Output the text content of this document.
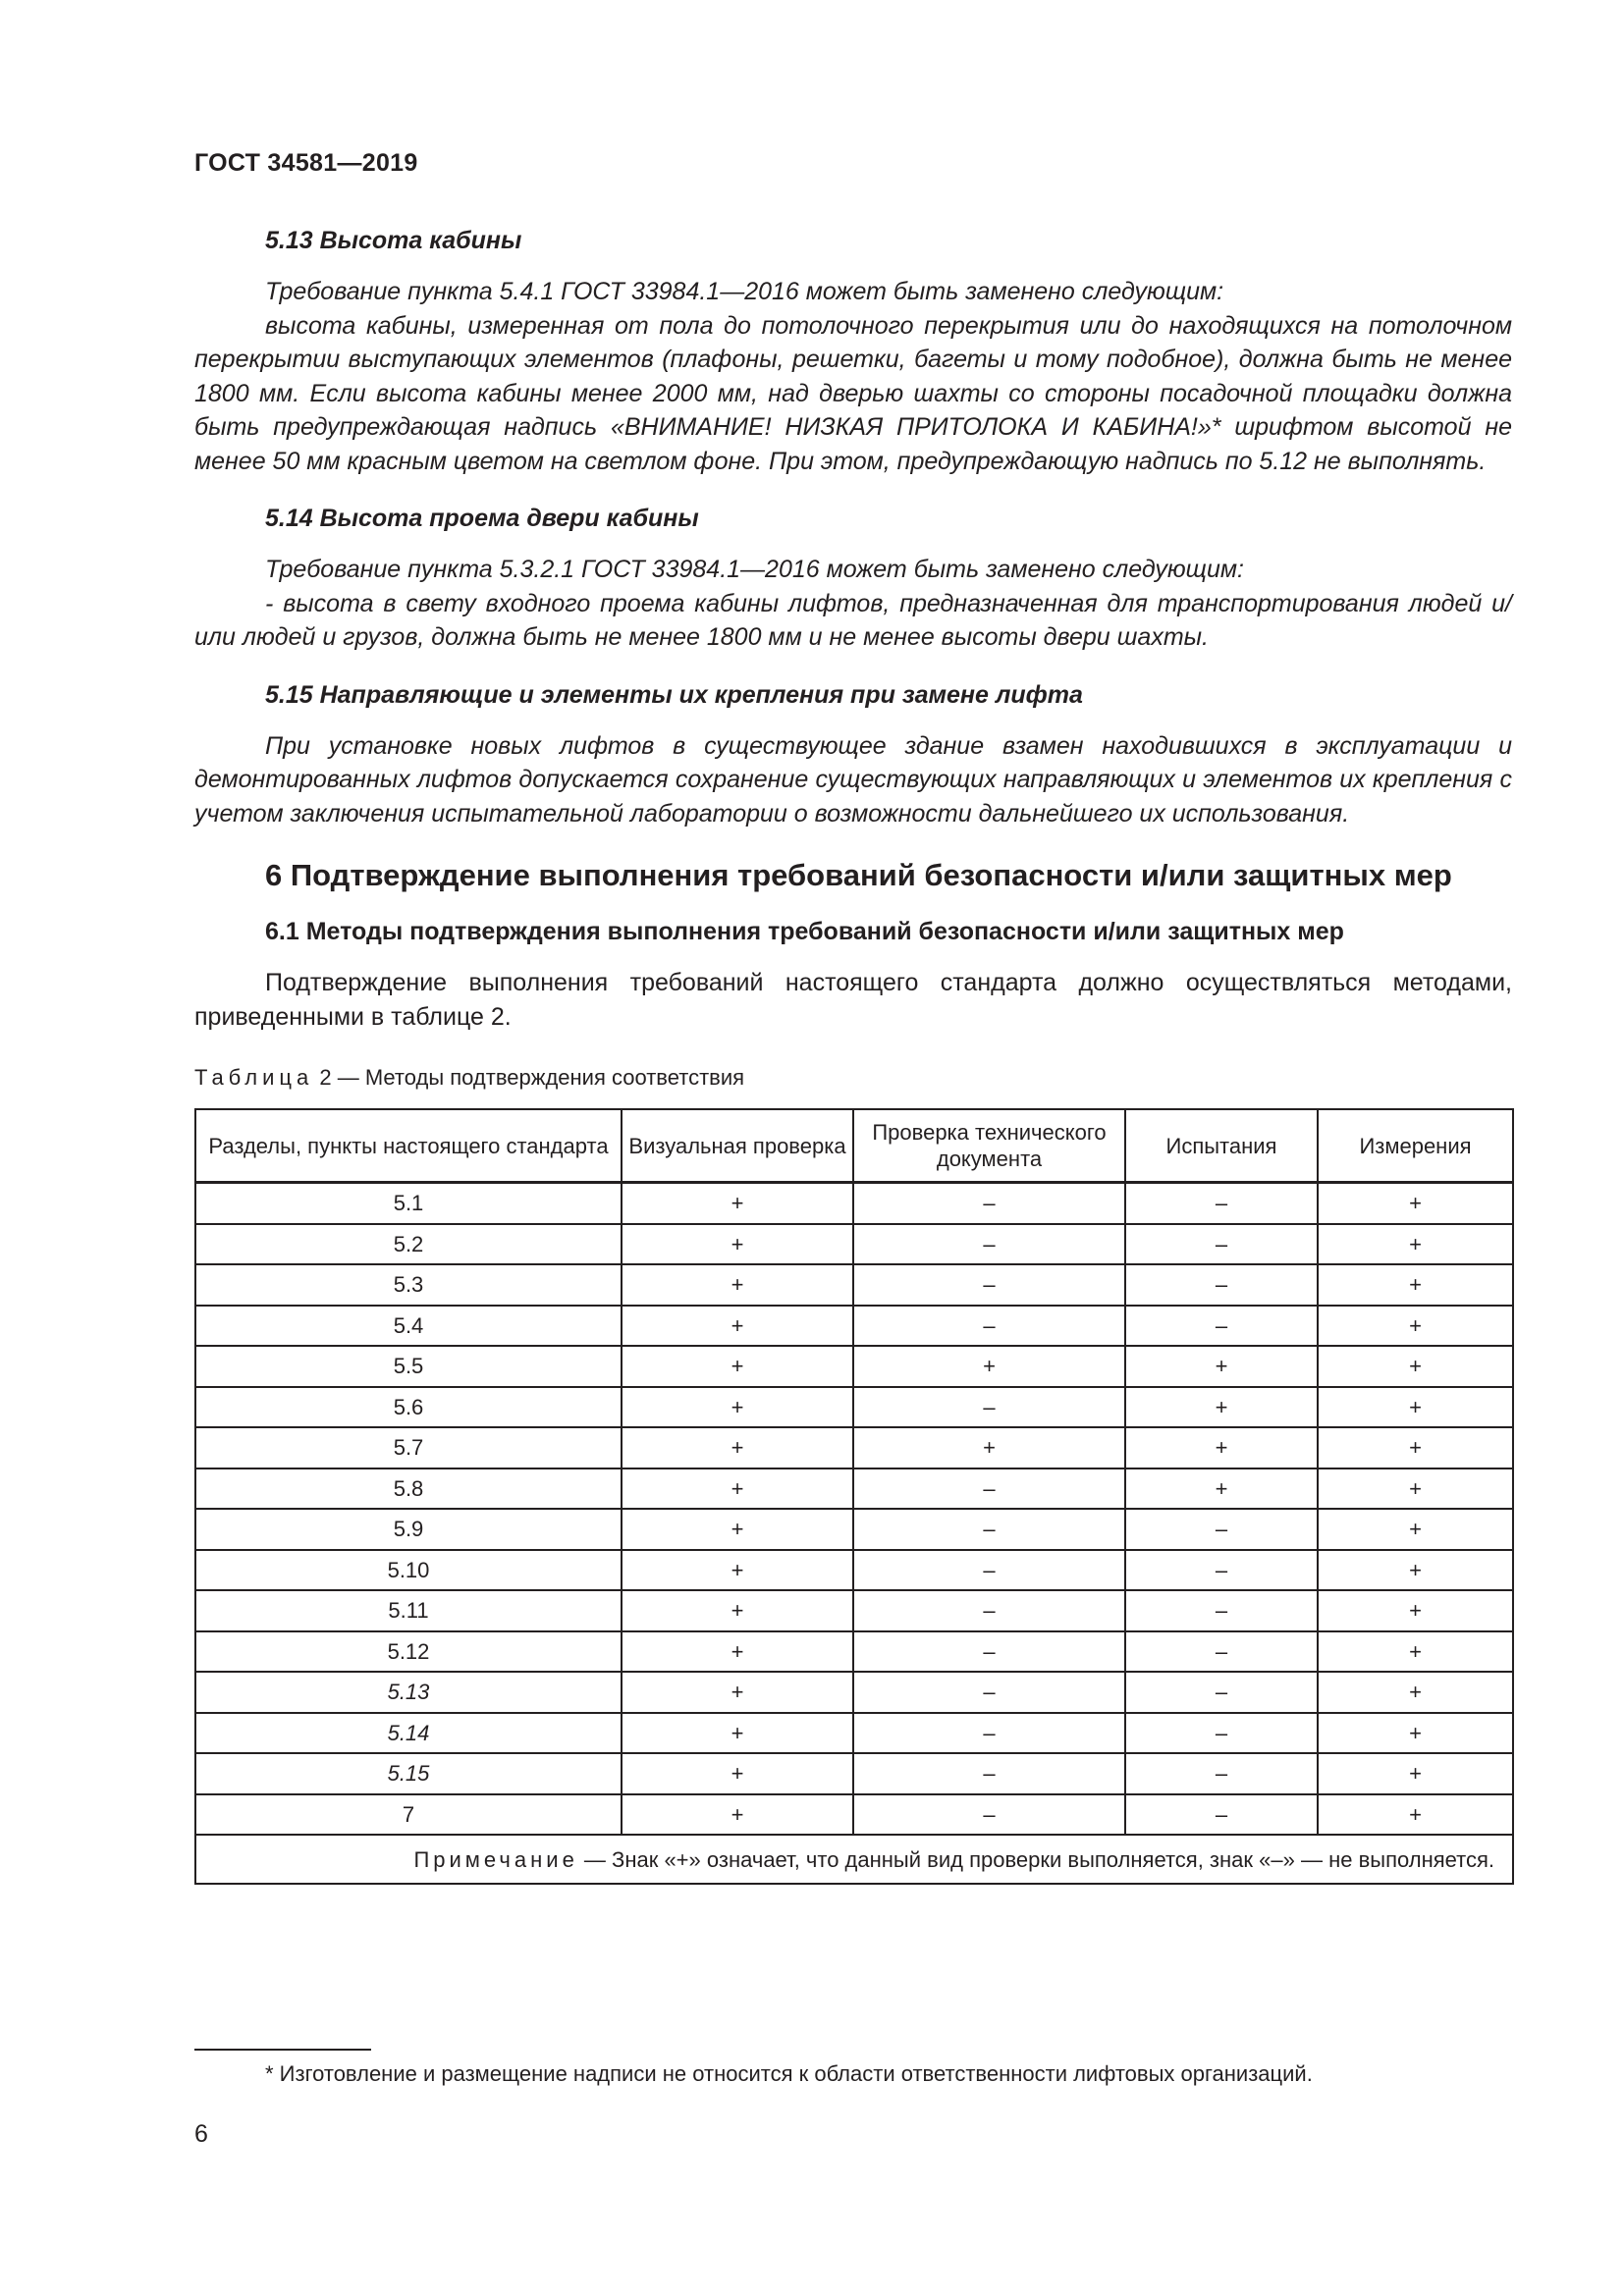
ГОСТ 34581—2019
5.13 Высота кабины

Требование пункта 5.4.1 ГОСТ 33984.1—2016 может быть заменено следующим:

высота кабины, измеренная от пола до потолочного перекрытия или до находящихся на потолочном перекрытии выступающих элементов (плафоны, решетки, багеты и тому подобное), должна быть не менее 1800 мм. Если высота кабины менее 2000 мм, над дверью шахты со стороны посадочной площадки должна быть предупреждающая надпись «ВНИМАНИЕ! НИЗКАЯ ПРИТОЛОКА И КАБИНА!»* шрифтом высотой не менее 50 мм красным цветом на светлом фоне. При этом, предупреждающую надпись по 5.12 не выполнять.

5.14 Высота проема двери кабины

Требование пункта 5.3.2.1 ГОСТ 33984.1—2016 может быть заменено следующим:

- высота в свету входного проема кабины лифтов, предназначенная для транспортирования людей и/или людей и грузов, должна быть не менее 1800 мм и не менее высоты двери шахты.

5.15 Направляющие и элементы их крепления при замене лифта

При установке новых лифтов в существующее здание взамен находившихся в эксплуатации и демонтированных лифтов допускается сохранение существующих направляющих и элементов их крепления с учетом заключения испытательной лаборатории о возможности дальнейшего их использования.

6 Подтверждение выполнения требований безопасности и/или защитных мер
6.1 Методы подтверждения выполнения требований безопасности и/или защитных мер

Подтверждение выполнения требований настоящего стандарта должно осуществляться методами, приведенными в таблице 2.

Таблица 2 — Методы подтверждения соответствия
Разделы, пункты настоящего стандарта	Визуальная проверка	Проверка технического документа	Испытания	Измерения
5.1	+	–	–	+
5.2	+	–	–	+
5.3	+	–	–	+
5.4	+	–	–	+
5.5	+	+	+	+
5.6	+	–	+	+
5.7	+	+	+	+
5.8	+	–	+	+
5.9	+	–	–	+
5.10	+	–	–	+
5.11	+	–	–	+
5.12	+	–	–	+
5.13	+	–	–	+
5.14	+	–	–	+
5.15	+	–	–	+
7	+	–	–	+
Примечание — Знак «+» означает, что данный вид проверки выполняется, знак «–» — не выполняется.				
* Изготовление и размещение надписи не относится к области ответственности лифтовых организаций.
6
